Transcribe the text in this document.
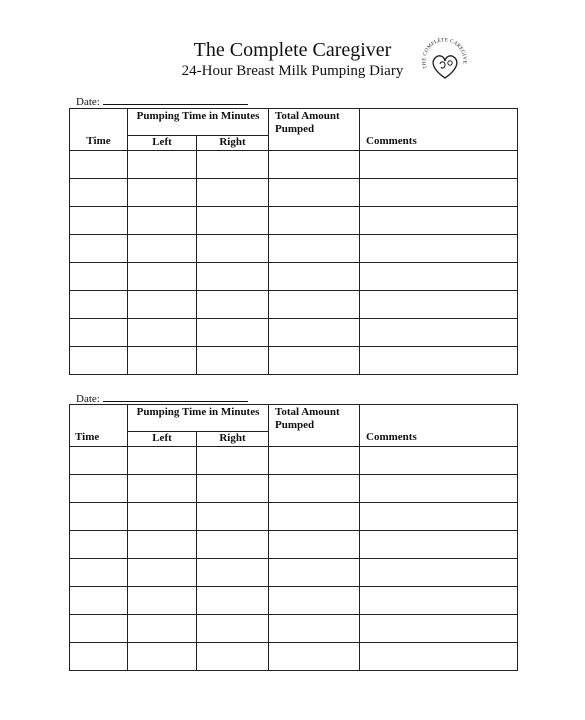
The Complete Caregiver
24-Hour Breast Milk Pumping Diary	THE COMPLETE CAREGIVE
Date:
Time	Pumping Time in Minutes		Total Amount Pumped	Comments
	Left	Right		

Date:
Time	Pumping Time in Minutes		Total Amount Pumped	Comments
	Left	Right		
